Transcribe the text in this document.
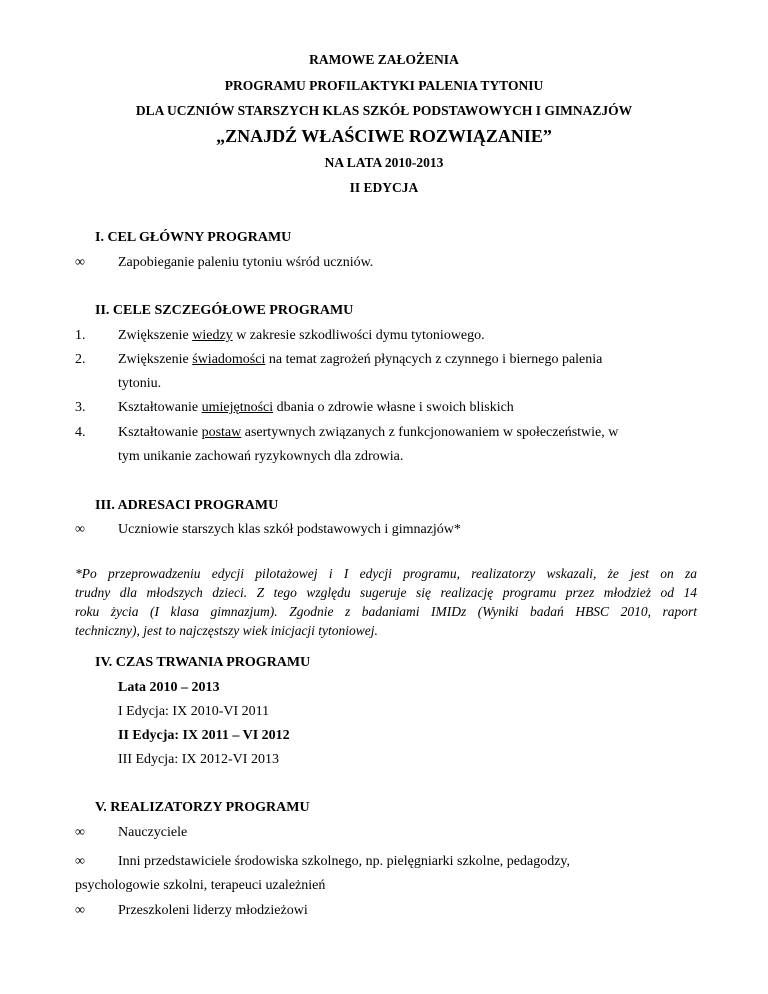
RAMOWE ZAŁOŻENIA
PROGRAMU PROFILAKTYKI PALENIA TYTONIU
DLA UCZNIÓW STARSZYCH KLAS SZKÓŁ PODSTAWOWYCH I GIMNAZJÓW
„ZNAJDŹ WŁAŚCIWE ROZWIĄZANIE”
NA LATA 2010-2013
II EDYCJA
I. CEL GŁÓWNY PROGRAMU
∞ Zapobieganie paleniu tytoniu wśród uczniów.
II. CELE SZCZEGÓŁOWE PROGRAMU
1. Zwiększenie wiedzy w zakresie szkodliwości dymu tytoniowego.
2. Zwiększenie świadomości na temat zagrożeń płynących z czynnego i biernego palenia
tytoniu.
3. Kształtowanie umiejętności dbania o zdrowie własne i swoich bliskich
4. Kształtowanie postaw asertywnych związanych z funkcjonowaniem w społeczeństwie, w
tym unikanie zachowań ryzykownych dla zdrowia.
III. ADRESACI PROGRAMU
∞ Uczniowie starszych klas szkół podstawowych i gimnazjów*
*Po przeprowadzeniu edycji pilotażowej i I edycji programu, realizatorzy wskazali, że jest on za
trudny dla młodszych dzieci. Z tego względu sugeruje się realizację programu przez młodzież od 14
roku życia (I klasa gimnazjum). Zgodnie z badaniami IMIDz (Wyniki badań HBSC 2010, raport
techniczny), jest to najczęstszy wiek inicjacji tytoniowej.
IV. CZAS TRWANIA PROGRAMU
Lata 2010 – 2013
I Edycja: IX 2010-VI 2011
II Edycja: IX 2011 – VI 2012
III Edycja: IX 2012-VI 2013
V. REALIZATORZY PROGRAMU
∞ Nauczyciele
∞ Inni przedstawiciele środowiska szkolnego, np. pielęgniarki szkolne, pedagodzy,
psychologowie szkolni, terapeuci uzależnień
∞ Przeszkoleni liderzy młodzieżowi
